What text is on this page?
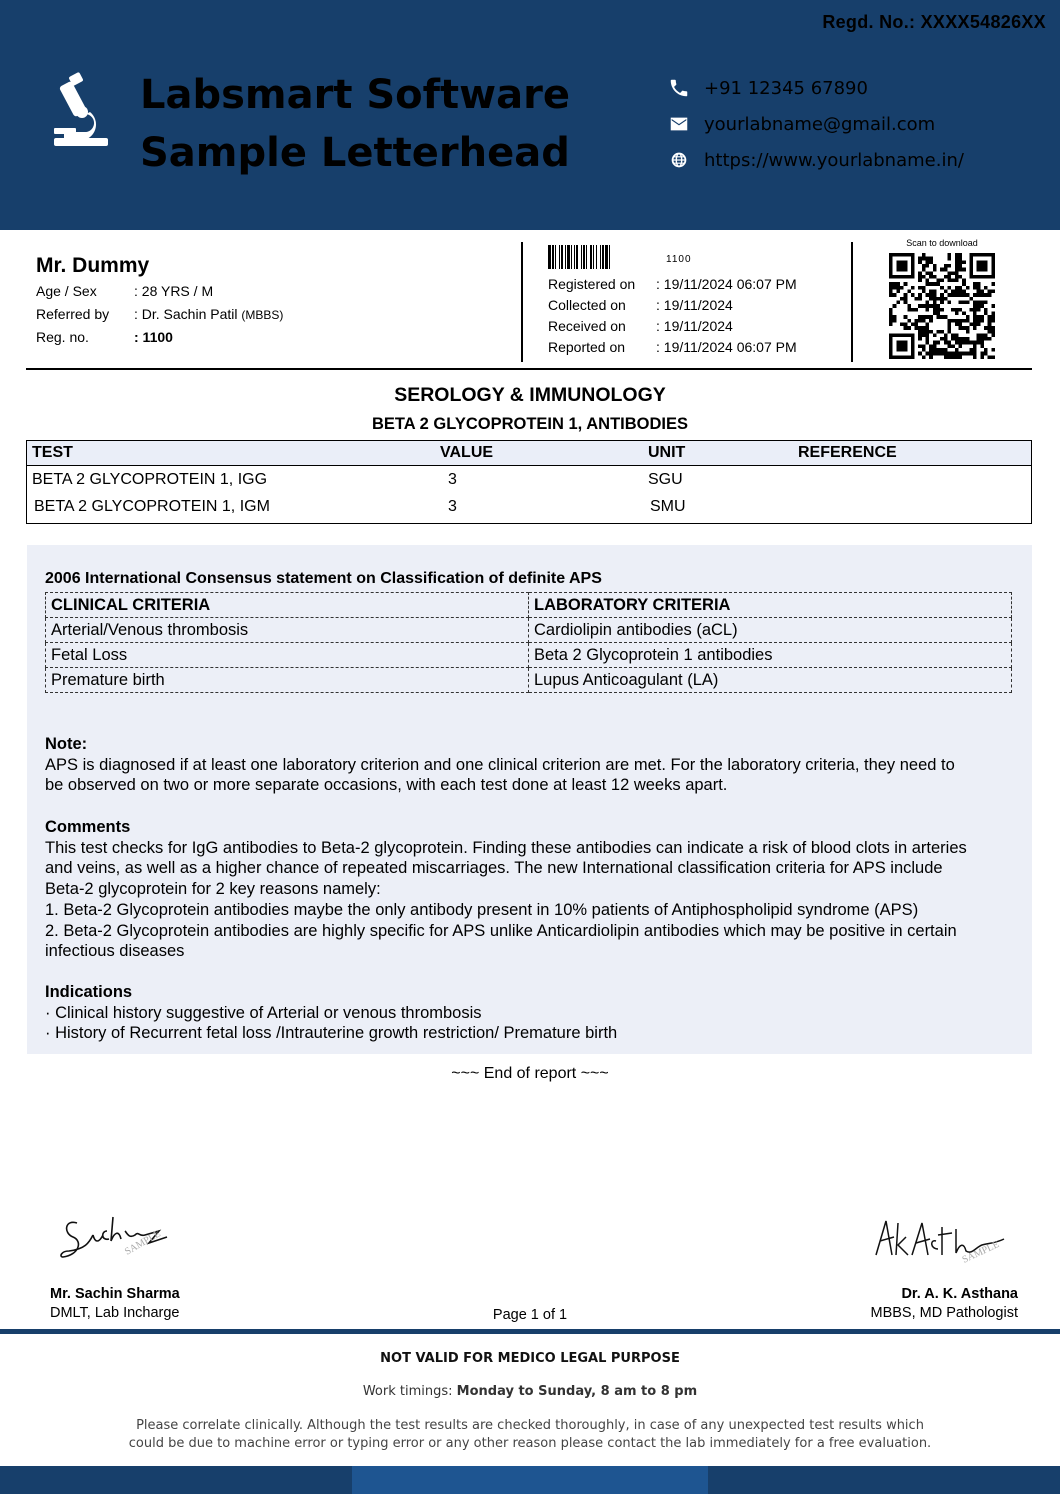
Regd. No.: XXXX54826XX
Labsmart Software
Sample Letterhead
+91 12345 67890
yourlabname@gmail.com
https://www.yourlabname.in/
Mr. Dummy
Age / Sex	: 28 YRS / M
Referred by	: Dr. Sachin Patil
(MBBS)
Reg. no.	: 1100
1100
Registered on	: 19/11/2024 06:07 PM
Collected on	: 19/11/2024
Received on	: 19/11/2024
Reported on	: 19/11/2024 06:07 PM
Scan to download
SEROLOGY & IMMUNOLOGY
BETA 2 GLYCOPROTEIN 1, ANTIBODIES
TEST	VALUE	UNIT	REFERENCE
BETA 2 GLYCOPROTEIN 1, IGG	3	SGU	
BETA 2 GLYCOPROTEIN 1, IGM	3	SMU	
2006 International Consensus statement on Classification of definite APS
CLINICAL CRITERIA	LABORATORY CRITERIA
Arterial/Venous thrombosis	Cardiolipin antibodies (aCL)
Fetal Loss	Beta 2 Glycoprotein 1 antibodies
Premature birth	Lupus Anticoagulant (LA)
Note:
APS is diagnosed if at least one laboratory criterion and one clinical criterion are met. For the laboratory criteria, they need to
be observed on two or more separate occasions, with each test done at least 12 weeks apart.
Comments
This test checks for IgG antibodies to Beta-2 glycoprotein. Finding these antibodies can indicate a risk of blood clots in arteries
and veins, as well as a higher chance of repeated miscarriages. The new International classification criteria for APS include
Beta-2 glycoprotein for 2 key reasons namely:
1. Beta-2 Glycoprotein antibodies maybe the only antibody present in 10% patients of Antiphospholipid syndrome (APS)
2. Beta-2 Glycoprotein antibodies are highly specific for APS unlike Anticardiolipin antibodies which may be positive in certain
infectious diseases
Indications
· Clinical history suggestive of Arterial or venous thrombosis
· History of Recurrent fetal loss /Intrauterine growth restriction/ Premature birth
~~~ End of report ~~~
SAMPLE	SAMPLE
Mr. Sachin Sharma
DMLT, Lab Incharge
Dr. A. K. Asthana
MBBS, MD Pathologist
Page 1 of 1
NOT VALID FOR MEDICO LEGAL PURPOSE
Work timings: Monday to Sunday, 8 am to 8 pm
Please correlate clinically. Although the test results are checked thoroughly, in case of any unexpected test results which
could be due to machine error or typing error or any other reason please contact the lab immediately for a free evaluation.
